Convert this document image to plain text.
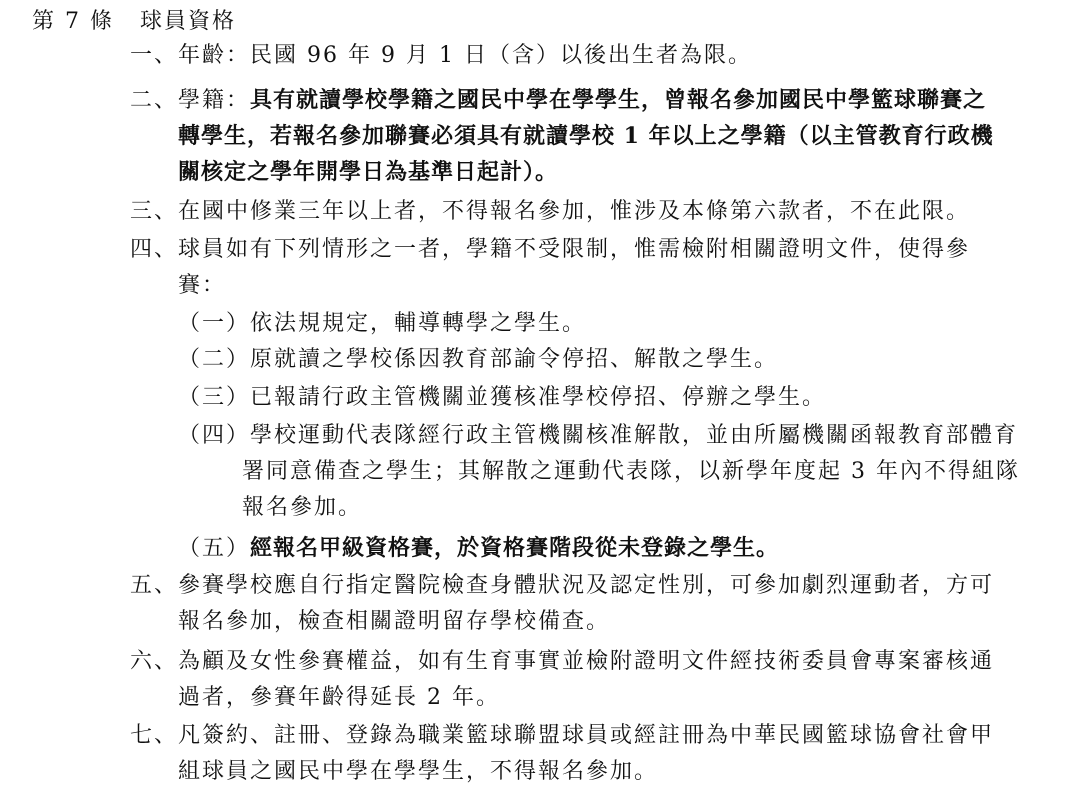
第 7 條 球員資格
一、年齡：民國 96 年 9 月 1 日（含）以後出生者為限。
二、學籍：具有就讀學校學籍之國民中學在學學生，曾報名參加國民中學籃球聯賽之
轉學生，若報名參加聯賽必須具有就讀學校 1 年以上之學籍（以主管教育行政機
關核定之學年開學日為基準日起計）。
三、在國中修業三年以上者，不得報名參加，惟涉及本條第六款者，不在此限。
四、球員如有下列情形之一者，學籍不受限制，惟需檢附相關證明文件，使得參
賽：
（一）依法規規定，輔導轉學之學生。
（二）原就讀之學校係因教育部諭令停招、解散之學生。
（三）已報請行政主管機關並獲核准學校停招、停辦之學生。
（四）學校運動代表隊經行政主管機關核准解散，並由所屬機關函報教育部體育
署同意備查之學生；其解散之運動代表隊，以新學年度起 3 年內不得組隊
報名參加。
（五）經報名甲級資格賽，於資格賽階段從未登錄之學生。
五、參賽學校應自行指定醫院檢查身體狀況及認定性別，可參加劇烈運動者，方可
報名參加，檢查相關證明留存學校備查。
六、為顧及女性參賽權益，如有生育事實並檢附證明文件經技術委員會專案審核通
過者，參賽年齡得延長 2 年。
七、凡簽約、註冊、登錄為職業籃球聯盟球員或經註冊為中華民國籃球協會社會甲
組球員之國民中學在學學生，不得報名參加。
